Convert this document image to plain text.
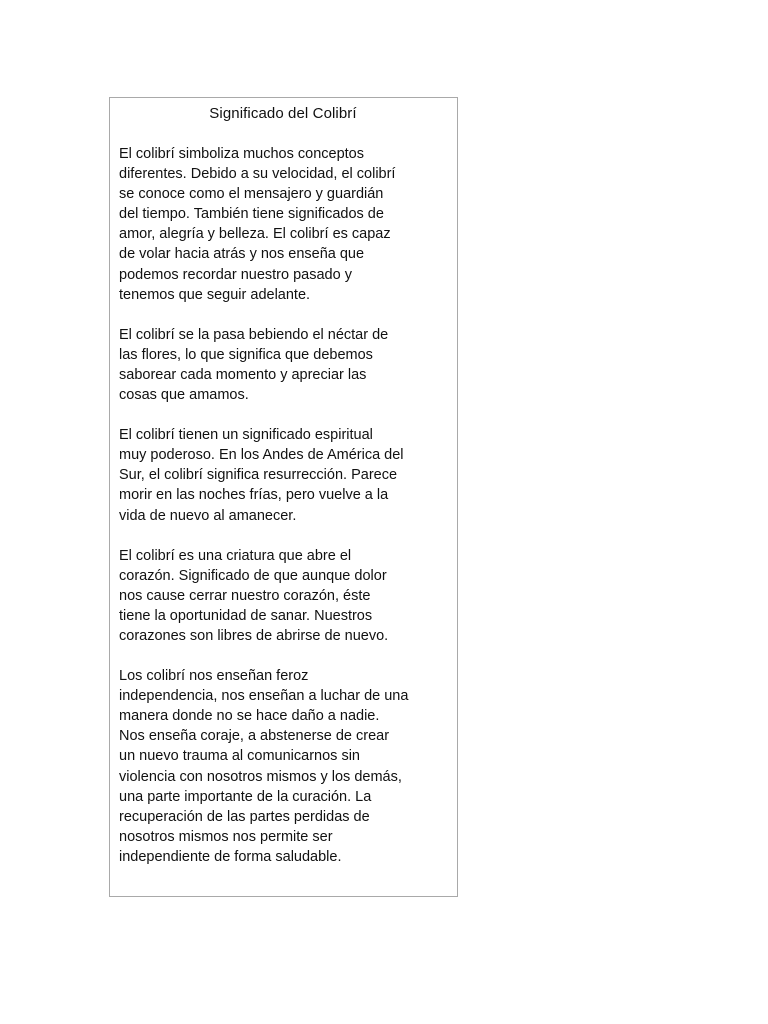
Significado del Colibrí

El colibrí simboliza muchos conceptos
diferentes. Debido a su velocidad, el colibrí
se conoce como el mensajero y guardián
del tiempo. También tiene significados de
amor, alegría y belleza. El colibrí es capaz
de volar hacia atrás y nos enseña que
podemos recordar nuestro pasado y
tenemos que seguir adelante.

El colibrí se la pasa bebiendo el néctar de
las flores, lo que significa que debemos
saborear cada momento y apreciar las
cosas que amamos.

El colibrí tienen un significado espiritual
muy poderoso. En los Andes de América del
Sur, el colibrí significa resurrección. Parece
morir en las noches frías, pero vuelve a la
vida de nuevo al amanecer.

El colibrí es una criatura que abre el
corazón. Significado de que aunque dolor
nos cause cerrar nuestro corazón, éste
tiene la oportunidad de sanar. Nuestros
corazones son libres de abrirse de nuevo.

Los colibrí nos enseñan feroz
independencia, nos enseñan a luchar de una
manera donde no se hace daño a nadie.
Nos enseña coraje, a abstenerse de crear
un nuevo trauma al comunicarnos sin
violencia con nosotros mismos y los demás,
una parte importante de la curación. La
recuperación de las partes perdidas de
nosotros mismos nos permite ser
independiente de forma saludable.
